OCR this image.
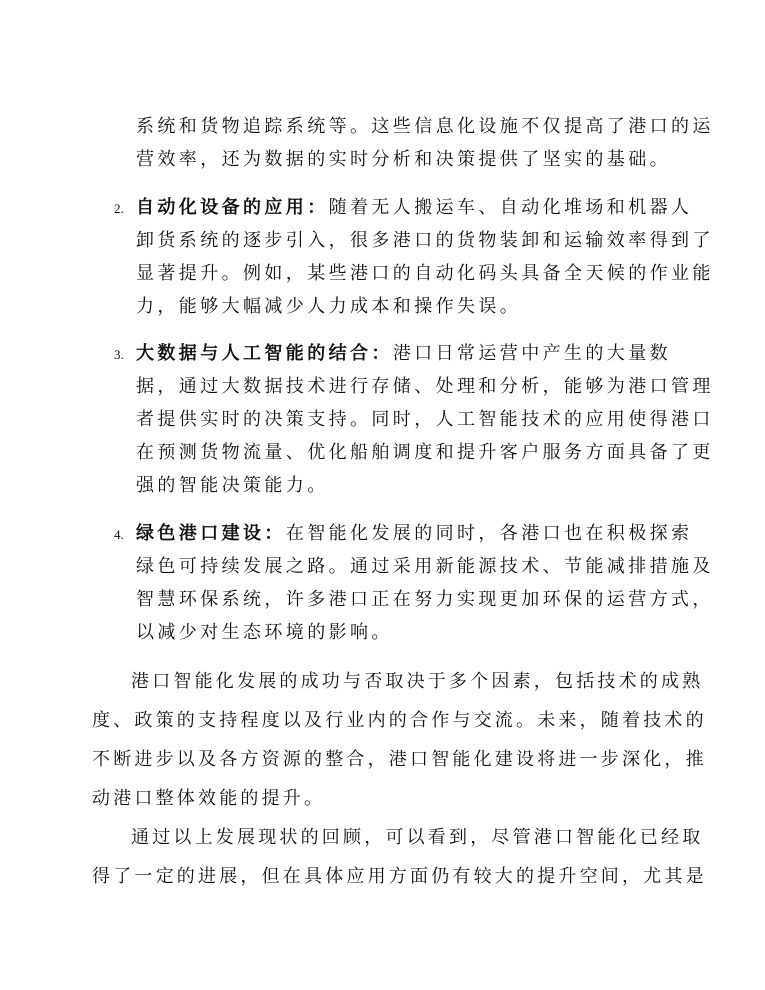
系统和货物追踪系统等。这些信息化设施不仅提高了港口的运
营效率，还为数据的实时分析和决策提供了坚实的基础。
2. 自动化设备的应用：随着无人搬运车、自动化堆场和机器人
卸货系统的逐步引入，很多港口的货物装卸和运输效率得到了
显著提升。例如，某些港口的自动化码头具备全天候的作业能
力，能够大幅减少人力成本和操作失误。
3. 大数据与人工智能的结合：港口日常运营中产生的大量数
据，通过大数据技术进行存储、处理和分析，能够为港口管理
者提供实时的决策支持。同时，人工智能技术的应用使得港口
在预测货物流量、优化船舶调度和提升客户服务方面具备了更
强的智能决策能力。
4. 绿色港口建设：在智能化发展的同时，各港口也在积极探索
绿色可持续发展之路。通过采用新能源技术、节能减排措施及
智慧环保系统，许多港口正在努力实现更加环保的运营方式，
以减少对生态环境的影响。
港口智能化发展的成功与否取决于多个因素，包括技术的成熟
度、政策的支持程度以及行业内的合作与交流。未来，随着技术的
不断进步以及各方资源的整合，港口智能化建设将进一步深化，推
动港口整体效能的提升。
通过以上发展现状的回顾，可以看到，尽管港口智能化已经取
得了一定的进展，但在具体应用方面仍有较大的提升空间，尤其是
